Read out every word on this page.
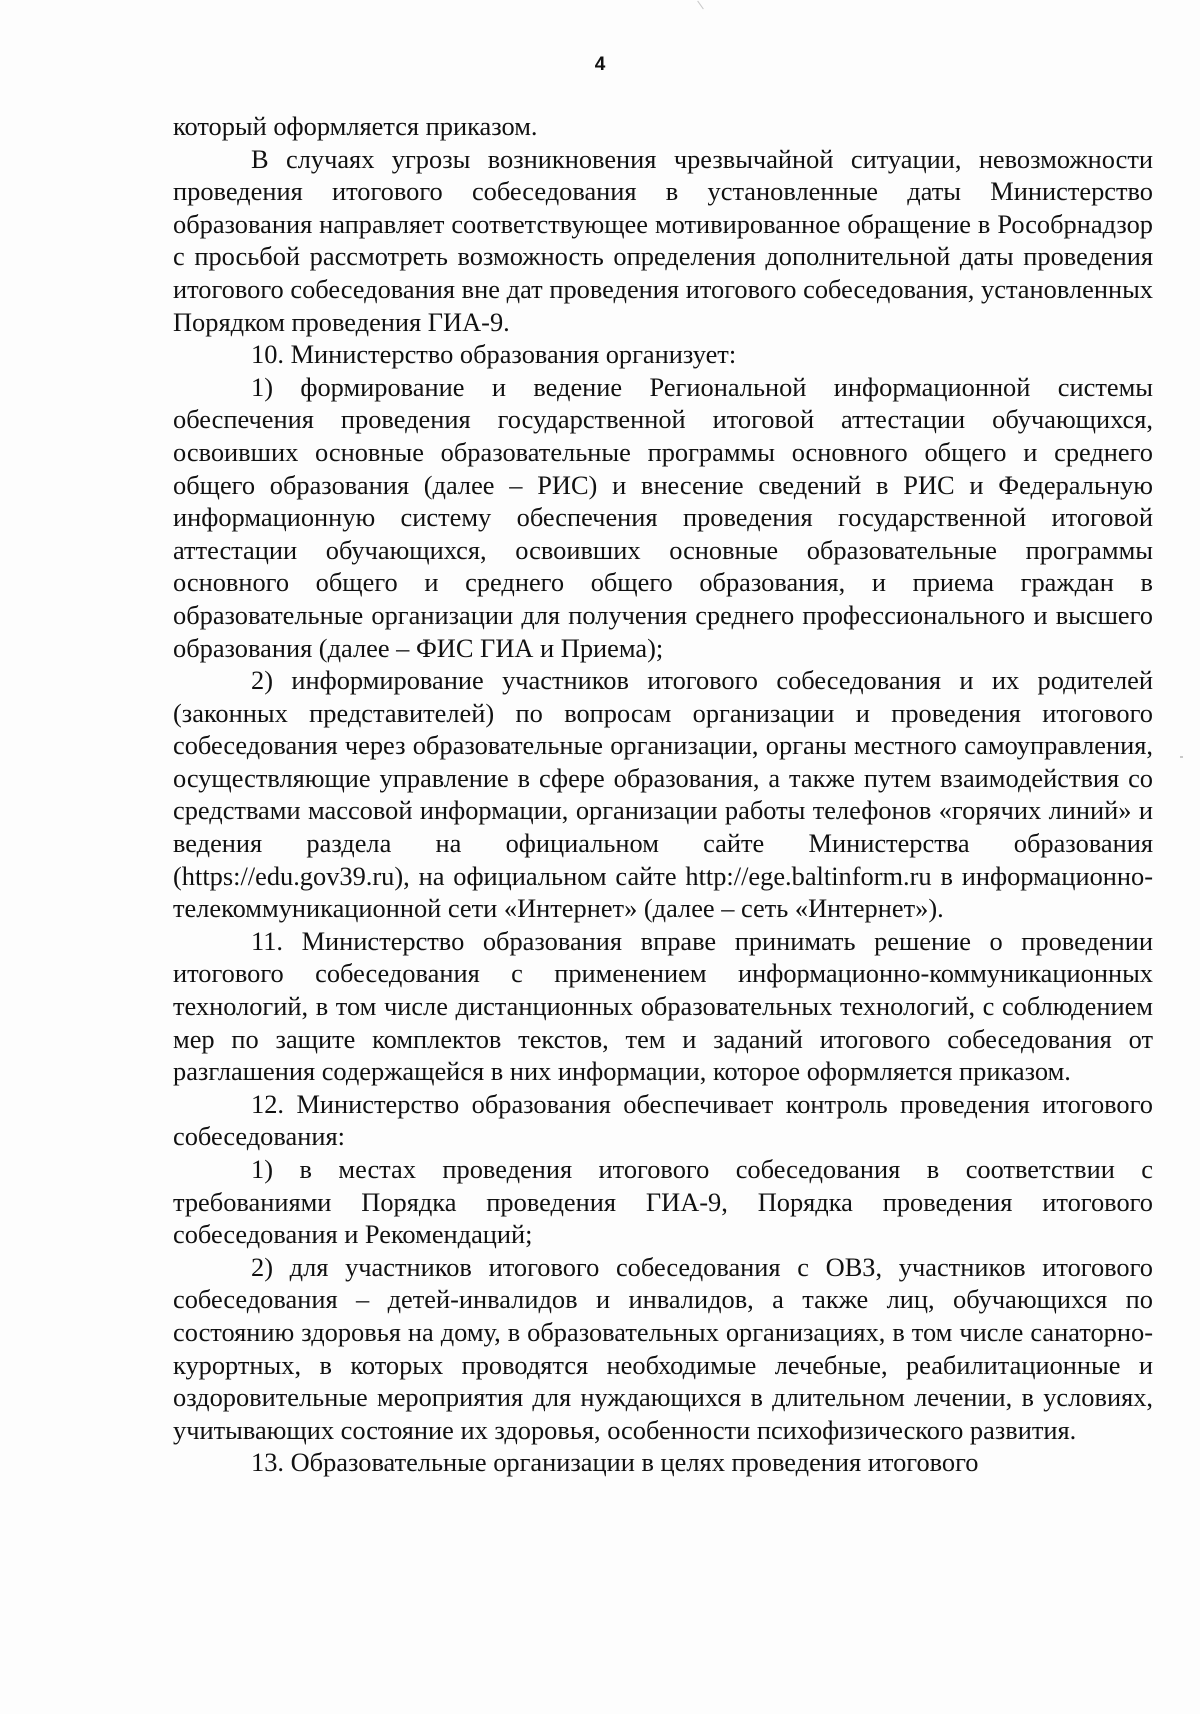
4

который оформляется приказом.

В случаях угрозы возникновения чрезвычайной ситуации, невозможности проведения итогового собеседования в установленные даты Министерство образования направляет соответствующее мотивированное обращение в Рособрнадзор с просьбой рассмотреть возможность определения дополнительной даты проведения итогового собеседования вне дат проведения итогового собеседования, установленных Порядком проведения ГИА-9.

10. Министерство образования организует:

1) формирование и ведение Региональной информационной системы обеспечения проведения государственной итоговой аттестации обучающихся, освоивших основные образовательные программы основного общего и среднего общего образования (далее – РИС) и внесение сведений в РИС и Федеральную информационную систему обеспечения проведения государственной итоговой аттестации обучающихся, освоивших основные образовательные программы основного общего и среднего общего образования, и приема граждан в образовательные организации для получения среднего профессионального и высшего образования (далее – ФИС ГИА и Приема);

2) информирование участников итогового собеседования и их родителей (законных представителей) по вопросам организации и проведения итогового собеседования через образовательные организации, органы местного самоуправления, осуществляющие управление в сфере образования, а также путем взаимодействия со средствами массовой информации, организации работы телефонов «горячих линий» и ведения раздела на официальном сайте Министерства образования (https://edu.gov39.ru), на официальном сайте http://ege.baltinform.ru в информационно-телекоммуникационной сети «Интернет» (далее – сеть «Интернет»).

11. Министерство образования вправе принимать решение о проведении итогового собеседования с применением информационно-коммуникационных технологий, в том числе дистанционных образовательных технологий, с соблюдением мер по защите комплектов текстов, тем и заданий итогового собеседования от разглашения содержащейся в них информации, которое оформляется приказом.

12. Министерство образования обеспечивает контроль проведения итогового собеседования:

1) в местах проведения итогового собеседования в соответствии с требованиями Порядка проведения ГИА-9, Порядка проведения итогового собеседования и Рекомендаций;

2) для участников итогового собеседования с ОВЗ, участников итогового собеседования – детей-инвалидов и инвалидов, а также лиц, обучающихся по состоянию здоровья на дому, в образовательных организациях, в том числе санаторно-курортных, в которых проводятся необходимые лечебные, реабилитационные и оздоровительные мероприятия для нуждающихся в длительном лечении, в условиях, учитывающих состояние их здоровья, особенности психофизического развития.

13. Образовательные организации в целях проведения итогового
